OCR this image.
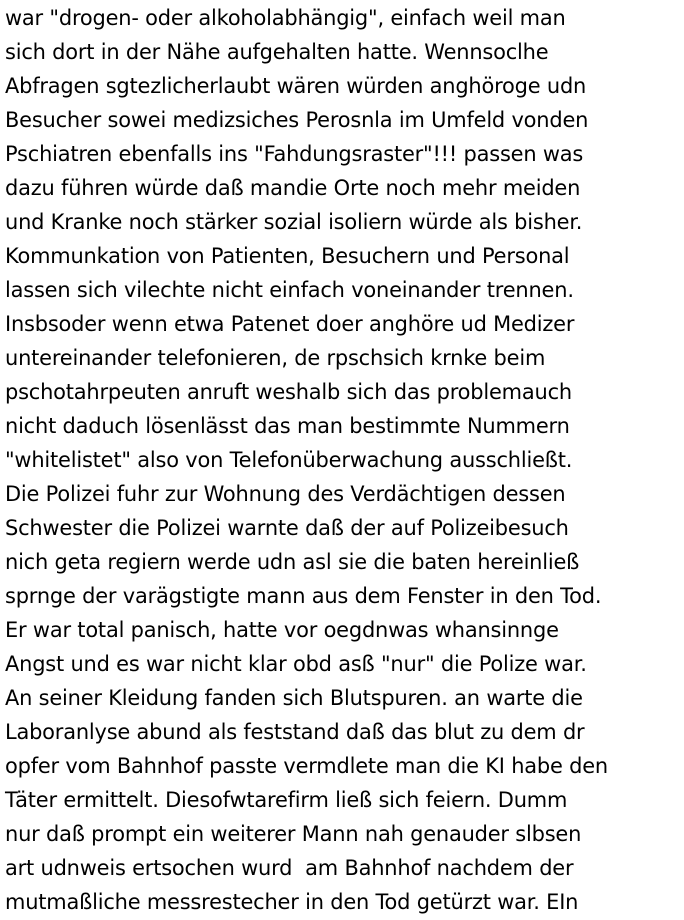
war "drogen- oder alkoholabhängig", einfach weil man
sich dort in der Nähe aufgehalten hatte. Wennsoclhe
Abfragen sgtezlicherlaubt wären würden anghöroge udn
Besucher sowei medizsiches Perosnla im Umfeld vonden
Pschiatren ebenfalls ins "Fahdungsraster"!!! passen was
dazu führen würde daß mandie Orte noch mehr meiden
und Kranke noch stärker sozial isoliern würde als bisher.
Kommunkation von Patienten, Besuchern und Personal
lassen sich vilechte nicht einfach voneinander trennen.
Insbsoder wenn etwa Patenet doer anghöre ud Medizer
untereinander telefonieren, de rpschsich krnke beim
pschotahrpeuten anruft weshalb sich das problemauch
nicht daduch lösenlässt das man bestimmte Nummern
"whitelistet" also von Telefonüberwachung ausschließt.
Die Polizei fuhr zur Wohnung des Verdächtigen dessen
Schwester die Polizei warnte daß der auf Polizeibesuch
nich geta regiern werde udn asl sie die baten hereinließ
sprnge der varägstigte mann aus dem Fenster in den Tod.
Er war total panisch, hatte vor oegdnwas whansinnge
Angst und es war nicht klar obd asß "nur" die Polize war.
An seiner Kleidung fanden sich Blutspuren. an warte die
Laboranlyse abund als feststand daß das blut zu dem dr
opfer vom Bahnhof passte vermdlete man die KI habe den
Täter ermittelt. Diesofwtarefirm ließ sich feiern. Dumm
nur daß prompt ein weiterer Mann nah genauder slbsen
art udnweis ertsochen wurd  am Bahnhof nachdem der
mutmaßliche messrestecher in den Tod getürzt war. EIn
